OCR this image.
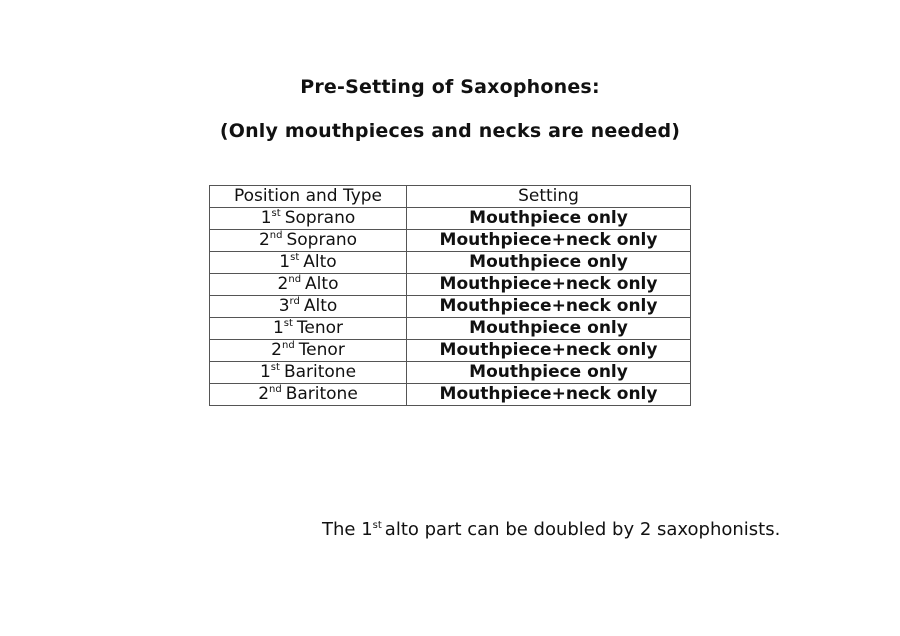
Pre-Setting of Saxophones:
(Only mouthpieces and necks are needed)
Position and Type	Setting
1st Soprano	Mouthpiece only
2nd Soprano	Mouthpiece+neck only
1st Alto	Mouthpiece only
2nd Alto	Mouthpiece+neck only
3rd Alto	Mouthpiece+neck only
1st Tenor	Mouthpiece only
2nd Tenor	Mouthpiece+neck only
1st Baritone	Mouthpiece only
2nd Baritone	Mouthpiece+neck only
The 1st alto part can be doubled by 2 saxophonists.
